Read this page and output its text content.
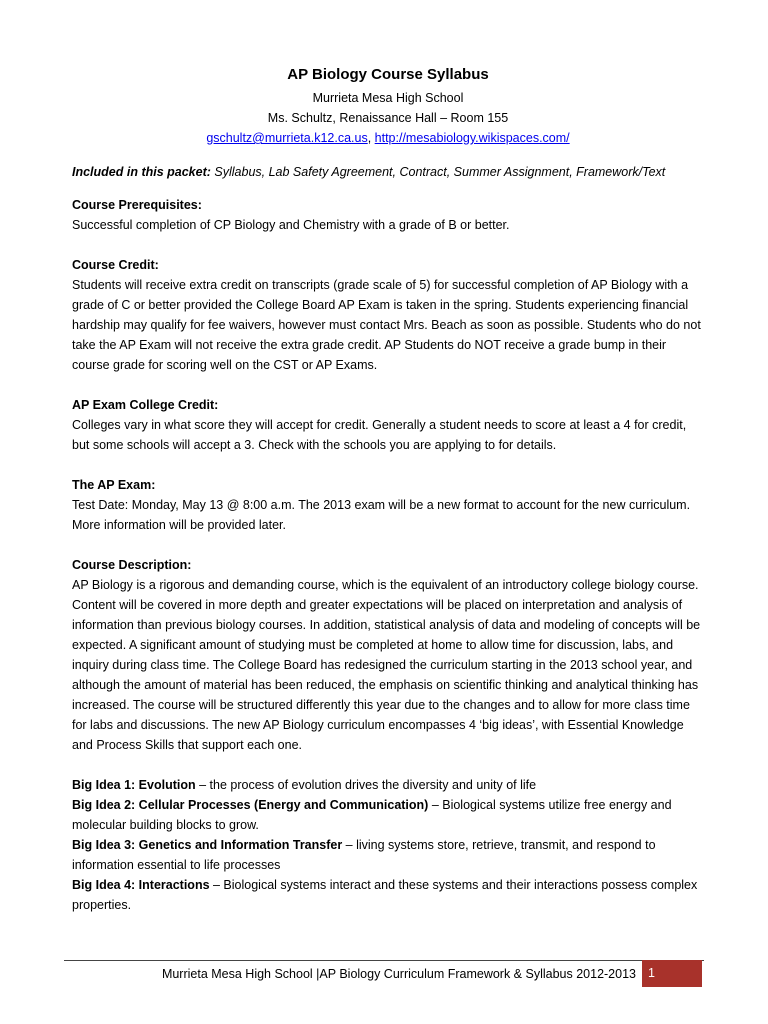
AP Biology Course Syllabus

Murrieta Mesa High School

Ms. Schultz, Renaissance Hall – Room 155

gschultz@murrieta.k12.ca.us, http://mesabiology.wikispaces.com/

Included in this packet: Syllabus, Lab Safety Agreement, Contract, Summer Assignment, Framework/Text

Course Prerequisites:

Successful completion of CP Biology and Chemistry with a grade of B or better.

Course Credit:

Students will receive extra credit on transcripts (grade scale of 5) for successful completion of AP Biology with a grade of C or better provided the College Board AP Exam is taken in the spring. Students experiencing financial hardship may qualify for fee waivers, however must contact Mrs. Beach as soon as possible. Students who do not take the AP Exam will not receive the extra grade credit. AP Students do NOT receive a grade bump in their course grade for scoring well on the CST or AP Exams.

AP Exam College Credit:

Colleges vary in what score they will accept for credit. Generally a student needs to score at least a 4 for credit, but some schools will accept a 3. Check with the schools you are applying to for details.

The AP Exam:

Test Date: Monday, May 13 @ 8:00 a.m. The 2013 exam will be a new format to account for the new curriculum. More information will be provided later.

Course Description:

AP Biology is a rigorous and demanding course, which is the equivalent of an introductory college biology course. Content will be covered in more depth and greater expectations will be placed on interpretation and analysis of information than previous biology courses. In addition, statistical analysis of data and modeling of concepts will be expected. A significant amount of studying must be completed at home to allow time for discussion, labs, and inquiry during class time. The College Board has redesigned the curriculum starting in the 2013 school year, and although the amount of material has been reduced, the emphasis on scientific thinking and analytical thinking has increased. The course will be structured differently this year due to the changes and to allow for more class time for labs and discussions. The new AP Biology curriculum encompasses 4 ‘big ideas’, with Essential Knowledge and Process Skills that support each one.

Big Idea 1: Evolution – the process of evolution drives the diversity and unity of life

Big Idea 2: Cellular Processes (Energy and Communication) – Biological systems utilize free energy and molecular building blocks to grow.

Big Idea 3: Genetics and Information Transfer – living systems store, retrieve, transmit, and respond to information essential to life processes

Big Idea 4: Interactions – Biological systems interact and these systems and their interactions possess complex properties.

Murrieta Mesa High School |AP Biology Curriculum Framework & Syllabus 2012-2013 1
